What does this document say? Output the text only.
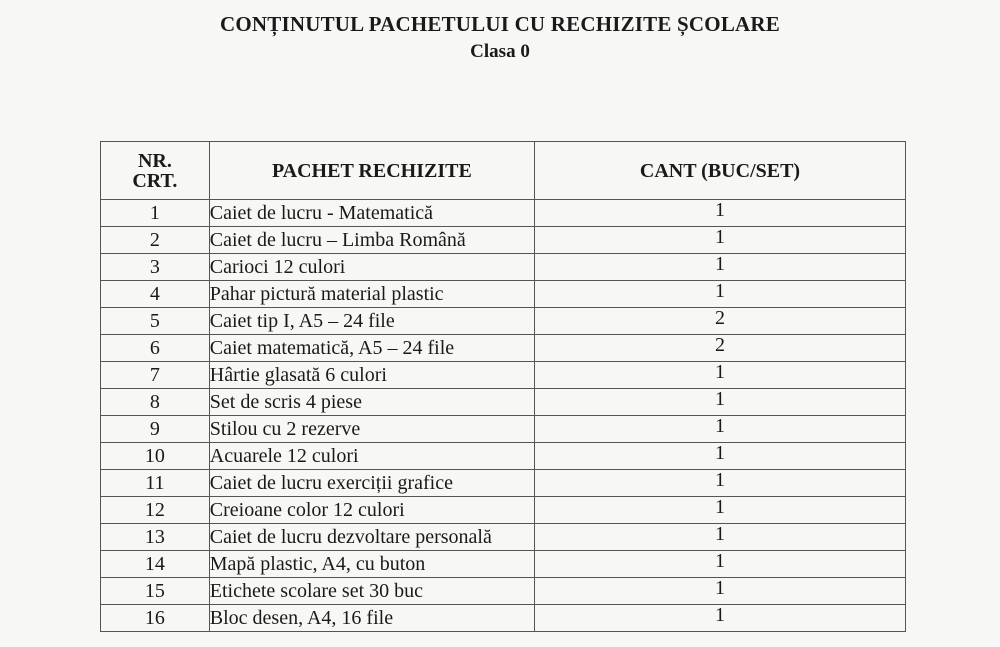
CONȚINUTUL PACHETULUI CU RECHIZITE ȘCOLARE
Clasa 0
NR.
CRT.	PACHET RECHIZITE	CANT (BUC/SET)
1	Caiet de lucru - Matematică	1
2	Caiet de lucru – Limba Română	1
3	Carioci 12 culori	1
4	Pahar pictură material plastic	1
5	Caiet tip I, A5 – 24 file	2
6	Caiet matematică, A5 – 24 file	2
7	Hârtie glasată 6 culori	1
8	Set de scris 4 piese	1
9	Stilou cu 2 rezerve	1
10	Acuarele 12 culori	1
11	Caiet de lucru exerciții grafice	1
12	Creioane color 12 culori	1
13	Caiet de lucru dezvoltare personală	1
14	Mapă plastic, A4, cu buton	1
15	Etichete scolare set 30 buc	1
16	Bloc desen, A4, 16 file	1
